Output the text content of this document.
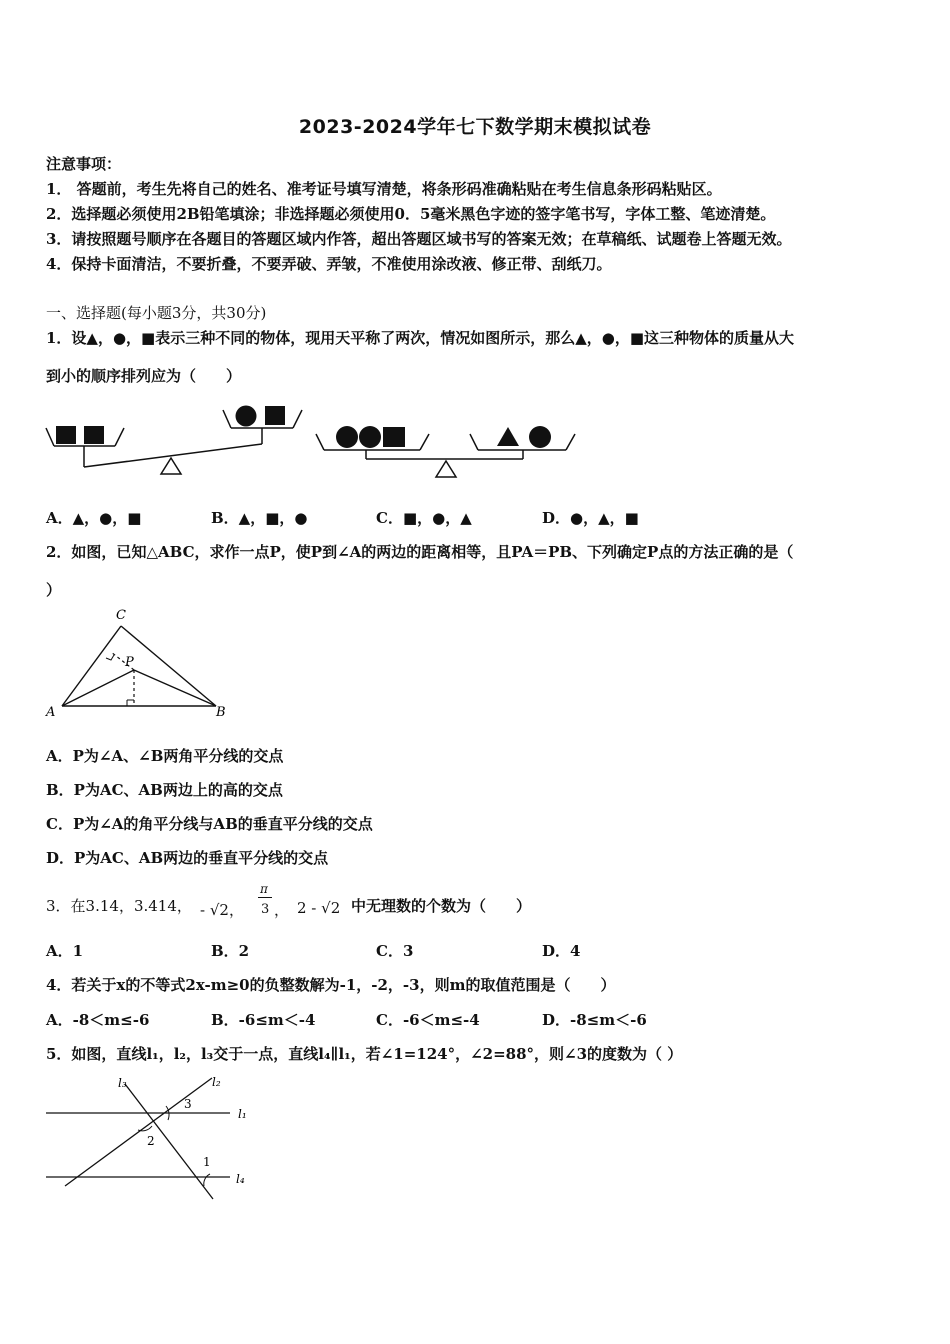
2023-2024学年七下数学期末模拟试卷
注意事项：
1． 答题前，考生先将自己的姓名、准考证号填写清楚，将条形码准确粘贴在考生信息条形码粘贴区。
2．选择题必须使用2B铅笔填涂；非选择题必须使用0．5毫米黑色字迹的签字笔书写，字体工整、笔迹清楚。
3．请按照题号顺序在各题目的答题区域内作答，超出答题区域书写的答案无效；在草稿纸、试题卷上答题无效。
4．保持卡面清洁，不要折叠，不要弄破、弄皱，不准使用涂改液、修正带、刮纸刀。
一、选择题(每小题3分，共30分)
1．设▲，●，■表示三种不同的物体，现用天平称了两次，情况如图所示，那么▲，●，■这三种物体的质量从大
到小的顺序排列应为（　　）
A．▲，●，■	B．▲，■，●	C．■，●，▲	D．●，▲，■
2．如图，已知△ABC，求作一点P，使P到∠A的两边的距离相等，且PA＝PB、下列确定P点的方法正确的是（
）
C
P
A	B
A．P为∠A、∠B两角平分线的交点
B．P为AC、AB两边上的高的交点
C．P为∠A的角平分线与AB的垂直平分线的交点
D．P为AC、AB两边的垂直平分线的交点
3．在3.14，3.414， - √2，
π
3 ， 2 - √2 中无理数的个数为（　　）
A．1	B．2	C．3	D．4
4．若关于x的不等式2x-m≥0的负整数解为-1，-2，-3，则m的取值范围是（　　）
A．-8＜m≤-6	B．-6≤m＜-4	C．-6＜m≤-4	D．-8≤m＜-6
5．如图，直线l₁，l₂，l₃交于一点，直线l₄∥l₁，若∠1=124°，∠2=88°，则∠3的度数为（ ）
l₃	l₂
l₁
l₄
1
2
3
